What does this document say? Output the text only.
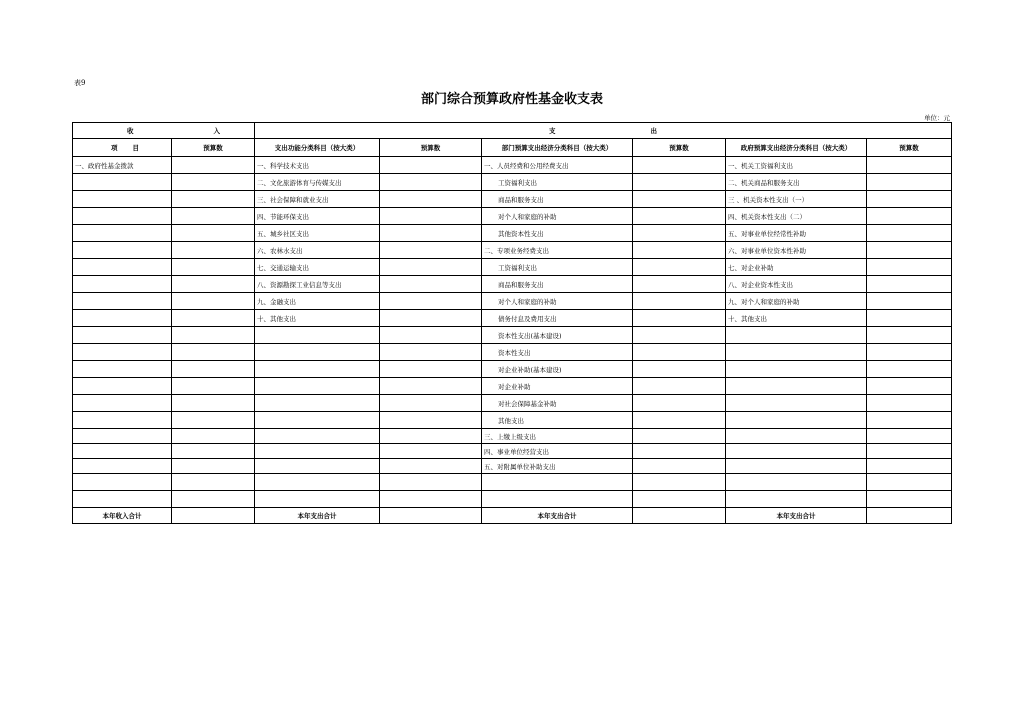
表9
部门综合预算政府性基金收支表
单位：元
收 入		支 出					

项 目	预算数	支出功能分类科目（按大类）	预算数	部门预算支出经济分类科目（按大类）	预算数	政府预算支出经济分类科目（按大类）	预算数
一、政府性基金拨款		一、科学技术支出		一、人员经费和公用经费支出		一、机关工资福利支出	
		二、文化旅游体育与传媒支出		工资福利支出		二、机关商品和服务支出	
		三、社会保障和就业支出		商品和服务支出		三 、机关资本性支出（一）	
		四、节能环保支出		对个人和家庭的补助		四、机关资本性支出（二）	
		五、城乡社区支出		其他资本性支出		五、对事业单位经常性补助	
		六、农林水支出		二、专项业务经费支出		六、对事业单位资本性补助	
		七、交通运输支出		工资福利支出		七、对企业补助	
		八、资源勘探工业信息等支出		商品和服务支出		八、对企业资本性支出	
		九、金融支出		对个人和家庭的补助		九、对个人和家庭的补助	
		十、其他支出		债务付息及费用支出		十、其他支出	
				资本性支出(基本建设)			
				资本性支出			
				对企业补助(基本建设)			
				对企业补助			
				对社会保障基金补助			
				其他支出			
				三、上缴上级支出			
				四、事业单位经营支出			
				五、对附属单位补助支出			

本年收入合计		本年支出合计		本年支出合计		本年支出合计	
